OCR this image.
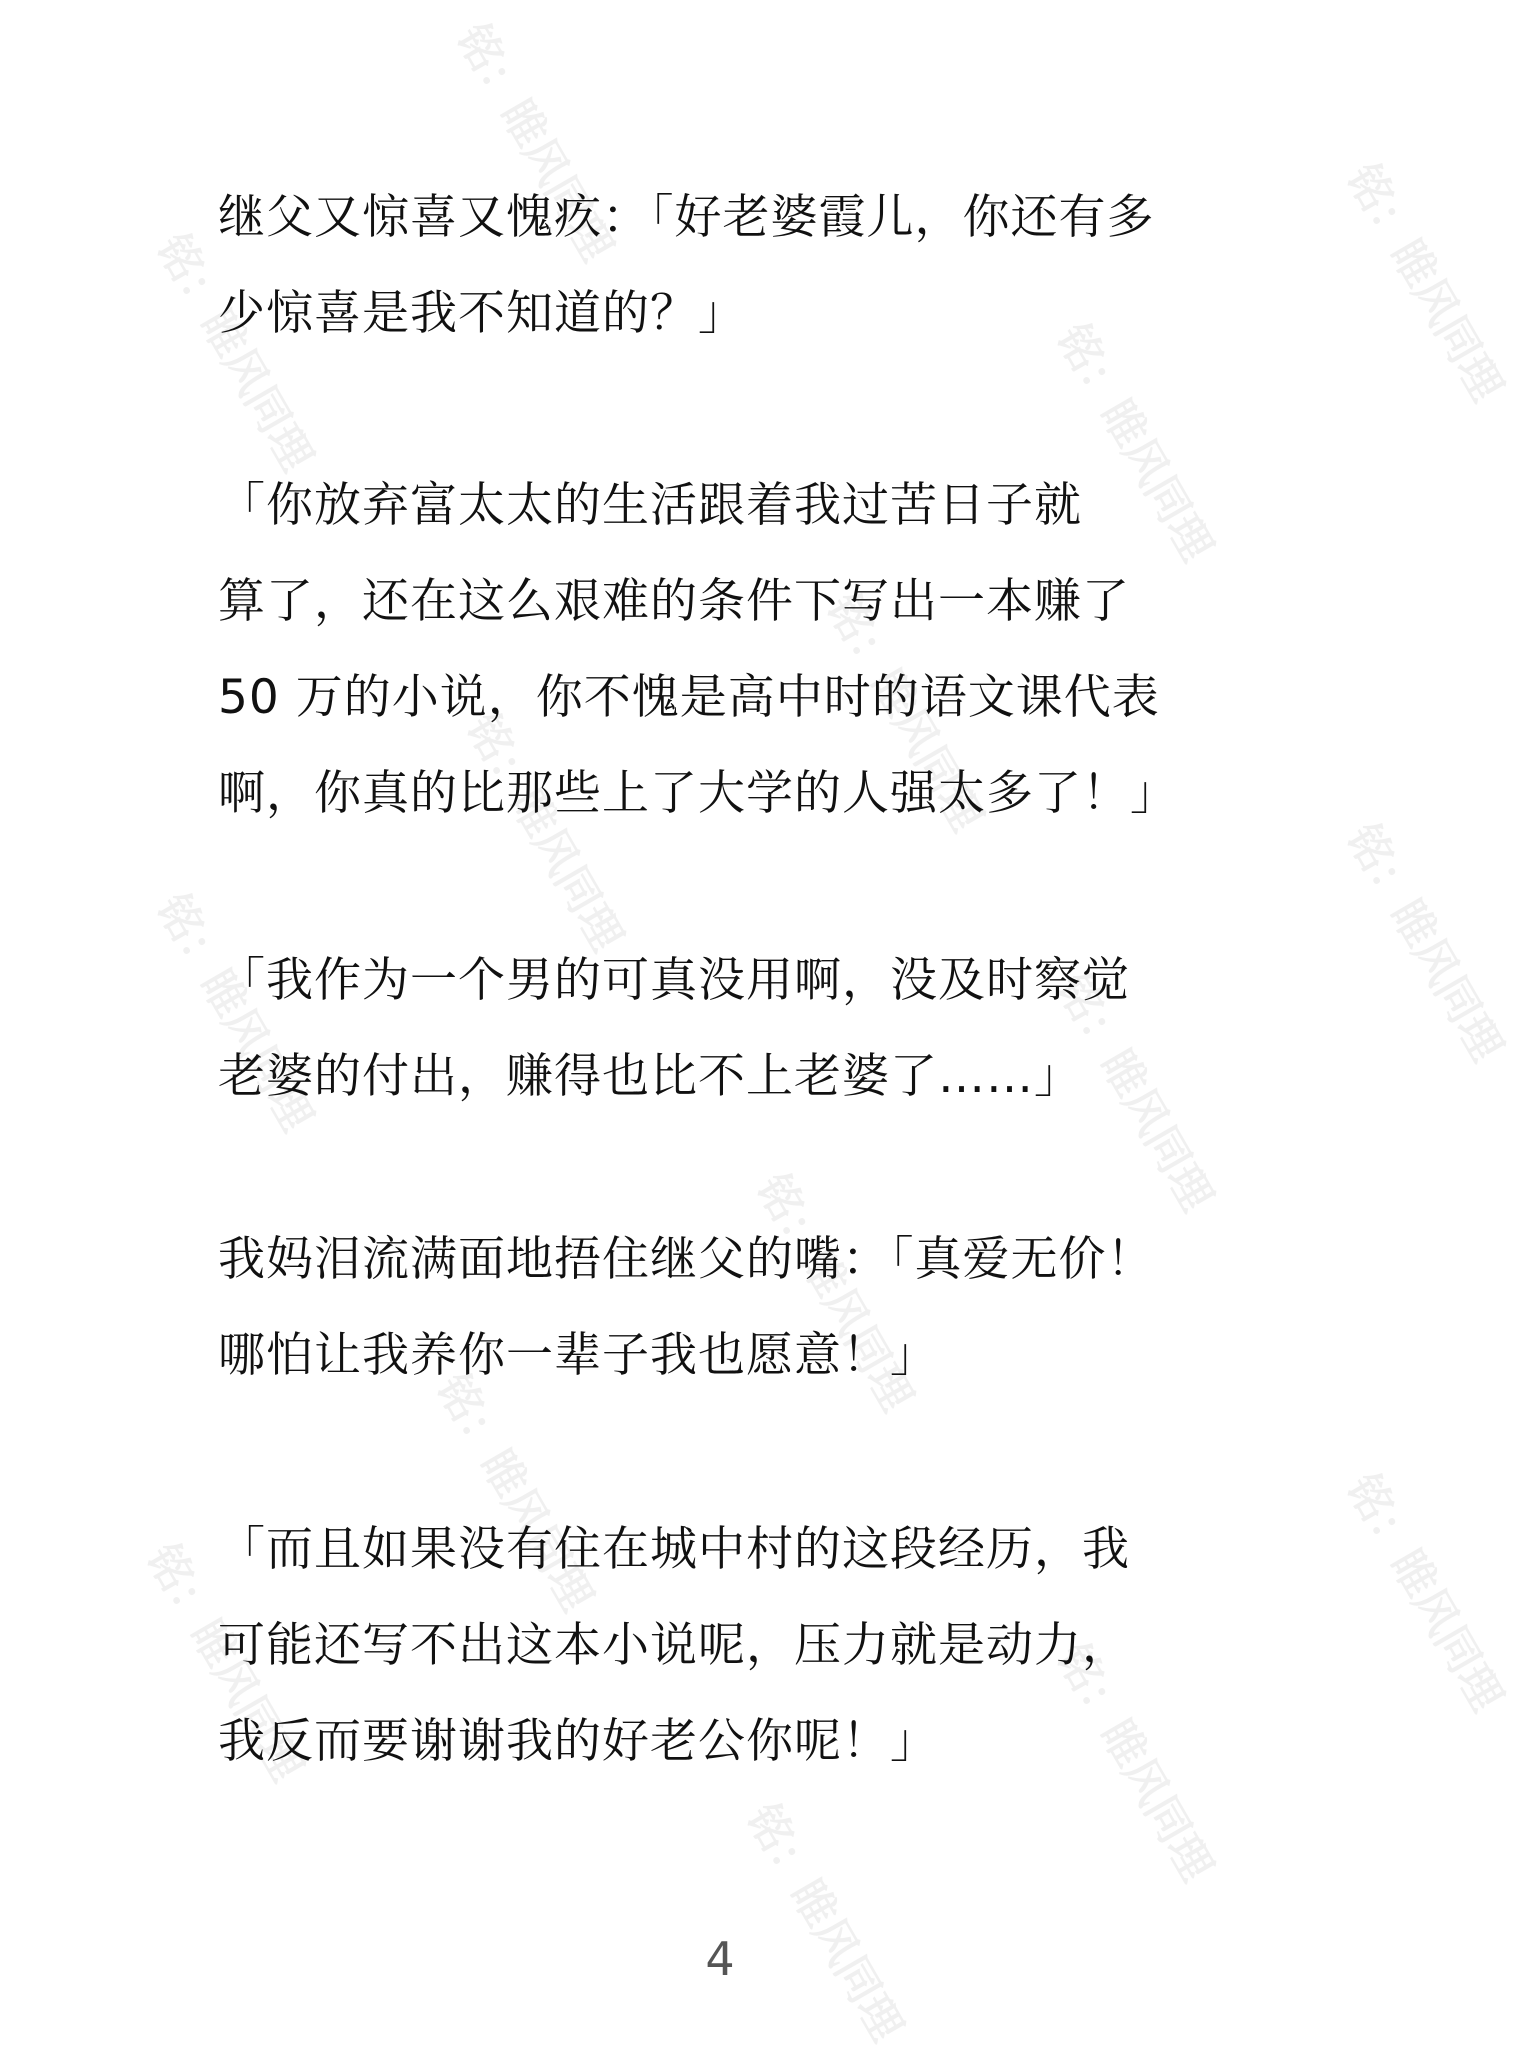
铭：睢风同理
铭：睢风同理
铭：睢风同理	铭：睢风同理
铭：睢风同理
铭：睢风同理	铭：睢风同理
铭：睢风同理	铭：睢风同理
铭：睢风同理
铭：睢风同理	铭：睢风同理
铭：睢风同理	铭：睢风同理
铭：睢风同理

继父又惊喜又愧疚：「好老婆霞儿，你还有多
少惊喜是我不知道的？」

「你放弃富太太的生活跟着我过苦日子就
算了，还在这么艰难的条件下写出一本赚了
50 万的小说，你不愧是高中时的语文课代表
啊，你真的比那些上了大学的人强太多了！」

「我作为一个男的可真没用啊，没及时察觉
老婆的付出，赚得也比不上老婆了……」

我妈泪流满面地捂住继父的嘴：「真爱无价！
哪怕让我养你一辈子我也愿意！」

「而且如果没有住在城中村的这段经历，我
可能还写不出这本小说呢，压力就是动力，
我反而要谢谢我的好老公你呢！」

4
